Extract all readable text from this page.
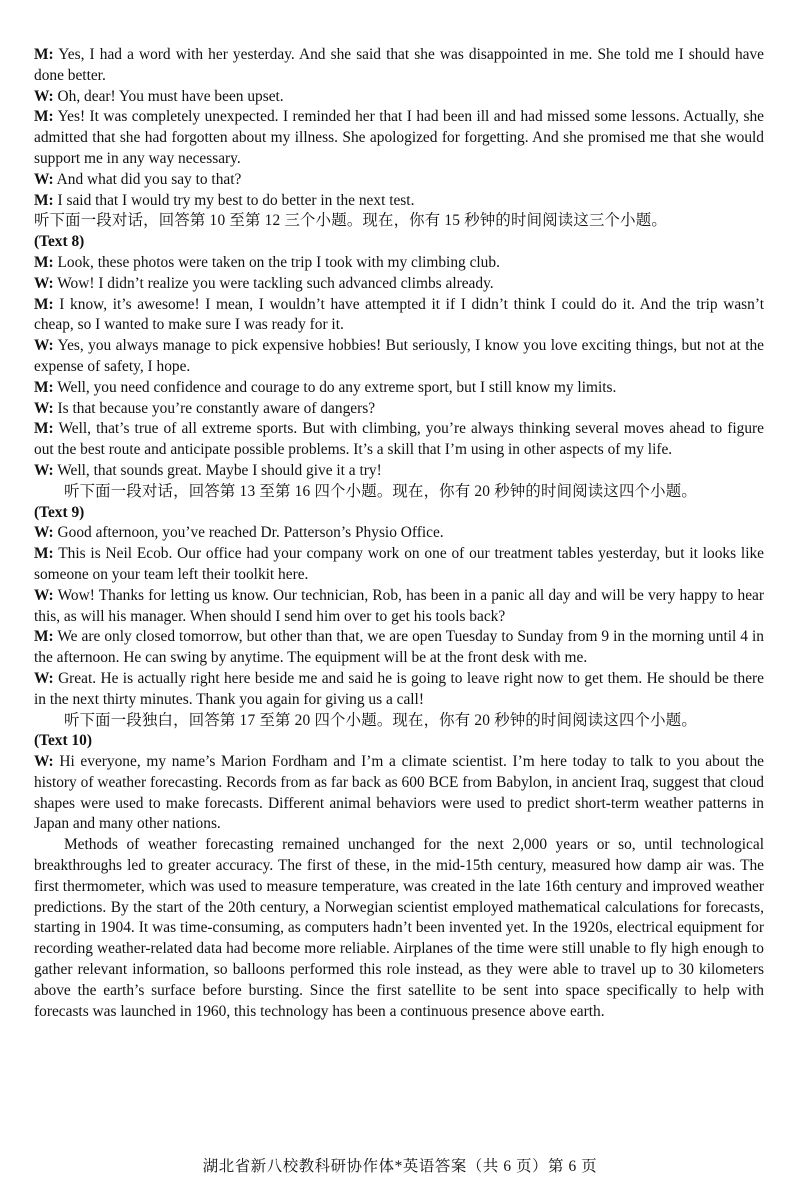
M: Yes, I had a word with her yesterday. And she said that she was disappointed in me. She told me I should have done better.

W: Oh, dear! You must have been upset.

M: Yes! It was completely unexpected. I reminded her that I had been ill and had missed some lessons. Actually, she admitted that she had forgotten about my illness. She apologized for forgetting. And she promised me that she would support me in any way necessary.

W: And what did you say to that?

M: I said that I would try my best to do better in the next test.

听下面一段对话，回答第 10 至第 12 三个小题。现在，你有 15 秒钟的时间阅读这三个小题。

(Text 8)

M: Look, these photos were taken on the trip I took with my climbing club.

W: Wow! I didn’t realize you were tackling such advanced climbs already.

M: I know, it’s awesome! I mean, I wouldn’t have attempted it if I didn’t think I could do it. And the trip wasn’t cheap, so I wanted to make sure I was ready for it.

W: Yes, you always manage to pick expensive hobbies! But seriously, I know you love exciting things, but not at the expense of safety, I hope.

M: Well, you need confidence and courage to do any extreme sport, but I still know my limits.

W: Is that because you’re constantly aware of dangers?

M: Well, that’s true of all extreme sports. But with climbing, you’re always thinking several moves ahead to figure out the best route and anticipate possible problems. It’s a skill that I’m using in other aspects of my life.

W: Well, that sounds great. Maybe I should give it a try!

听下面一段对话，回答第 13 至第 16 四个小题。现在，你有 20 秒钟的时间阅读这四个小题。

(Text 9)

W: Good afternoon, you’ve reached Dr. Patterson’s Physio Office.

M: This is Neil Ecob. Our office had your company work on one of our treatment tables yesterday, but it looks like someone on your team left their toolkit here.

W: Wow! Thanks for letting us know. Our technician, Rob, has been in a panic all day and will be very happy to hear this, as will his manager. When should I send him over to get his tools back?

M: We are only closed tomorrow, but other than that, we are open Tuesday to Sunday from 9 in the morning until 4 in the afternoon. He can swing by anytime. The equipment will be at the front desk with me.

W: Great. He is actually right here beside me and said he is going to leave right now to get them. He should be there in the next thirty minutes. Thank you again for giving us a call!

听下面一段独白，回答第 17 至第 20 四个小题。现在，你有 20 秒钟的时间阅读这四个小题。

(Text 10)

W: Hi everyone, my name’s Marion Fordham and I’m a climate scientist. I’m here today to talk to you about the history of weather forecasting. Records from as far back as 600 BCE from Babylon, in ancient Iraq, suggest that cloud shapes were used to make forecasts. Different animal behaviors were used to predict short-term weather patterns in Japan and many other nations.

Methods of weather forecasting remained unchanged for the next 2,000 years or so, until technological breakthroughs led to greater accuracy. The first of these, in the mid-15th century, measured how damp air was. The first thermometer, which was used to measure temperature, was created in the late 16th century and improved weather predictions. By the start of the 20th century, a Norwegian scientist employed mathematical calculations for forecasts, starting in 1904. It was time-consuming, as computers hadn’t been invented yet. In the 1920s, electrical equipment for recording weather-related data had become more reliable. Airplanes of the time were still unable to fly high enough to gather relevant information, so balloons performed this role instead, as they were able to travel up to 30 kilometers above the earth’s surface before bursting. Since the first satellite to be sent into space specifically to help with forecasts was launched in 1960, this technology has been a continuous presence above earth.

湖北省新八校教科研协作体*英语答案（共 6 页）第 6 页
